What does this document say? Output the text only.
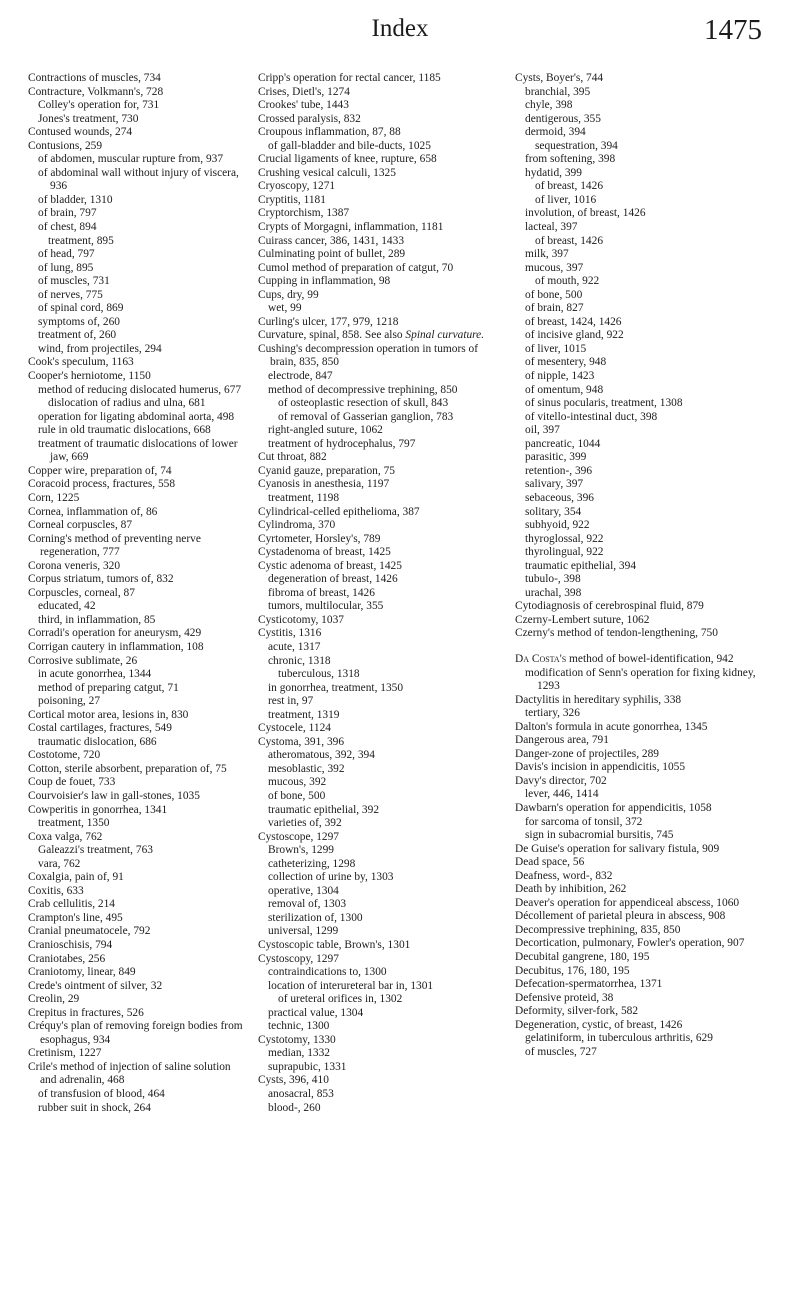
Index	1475
Contractions of muscles, 734
Contracture, Volkmann's, 728
Colley's operation for, 731
Jones's treatment, 730
Contused wounds, 274
Contusions, 259
of abdomen, muscular rupture from, 937
of abdominal wall without injury of viscera, 936
of bladder, 1310
of brain, 797
of chest, 894
treatment, 895
of head, 797
of lung, 895
of muscles, 731
of nerves, 775
of spinal cord, 869
symptoms of, 260
treatment of, 260
wind, from projectiles, 294
Cook's speculum, 1163
Cooper's herniotome, 1150
method of reducing dislocated humerus, 677
dislocation of radius and ulna, 681
operation for ligating abdominal aorta, 498
rule in old traumatic dislocations, 668
treatment of traumatic dislocations of lower jaw, 669
Copper wire, preparation of, 74
Coracoid process, fractures, 558
Corn, 1225
Cornea, inflammation of, 86
Corneal corpuscles, 87
Corning's method of preventing nerve regeneration, 777
Corona veneris, 320
Corpus striatum, tumors of, 832
Corpuscles, corneal, 87
educated, 42
third, in inflammation, 85
Corradi's operation for aneurysm, 429
Corrigan cautery in inflammation, 108
Corrosive sublimate, 26
in acute gonorrhea, 1344
method of preparing catgut, 71
poisoning, 27
Cortical motor area, lesions in, 830
Costal cartilages, fractures, 549
traumatic dislocation, 686
Costotome, 720
Cotton, sterile absorbent, preparation of, 75
Coup de fouet, 733
Courvoisier's law in gall-stones, 1035
Cowperitis in gonorrhea, 1341
treatment, 1350
Coxa valga, 762
Galeazzi's treatment, 763
vara, 762
Coxalgia, pain of, 91
Coxitis, 633
Crab cellulitis, 214
Crampton's line, 495
Cranial pneumatocele, 792
Cranioschisis, 794
Craniotabes, 256
Craniotomy, linear, 849
Crede's ointment of silver, 32
Creolin, 29
Crepitus in fractures, 526
Créquy's plan of removing foreign bodies from esophagus, 934
Cretinism, 1227
Crile's method of injection of saline solution and adrenalin, 468
of transfusion of blood, 464
rubber suit in shock, 264
Cripp's operation for rectal cancer, 1185
Crises, Dietl's, 1274
Crookes' tube, 1443
Crossed paralysis, 832
Croupous inflammation, 87, 88
of gall-bladder and bile-ducts, 1025
Crucial ligaments of knee, rupture, 658
Crushing vesical calculi, 1325
Cryoscopy, 1271
Cryptitis, 1181
Cryptorchism, 1387
Crypts of Morgagni, inflammation, 1181
Cuirass cancer, 386, 1431, 1433
Culminating point of bullet, 289
Cumol method of preparation of catgut, 70
Cupping in inflammation, 98
Cups, dry, 99
wet, 99
Curling's ulcer, 177, 979, 1218
Curvature, spinal, 858. See also Spinal curvature.
Cushing's decompression operation in tumors of brain, 835, 850
electrode, 847
method of decompressive trephining, 850
of osteoplastic resection of skull, 843
of removal of Gasserian ganglion, 783
right-angled suture, 1062
treatment of hydrocephalus, 797
Cut throat, 882
Cyanid gauze, preparation, 75
Cyanosis in anesthesia, 1197
treatment, 1198
Cylindrical-celled epithelioma, 387
Cylindroma, 370
Cyrtometer, Horsley's, 789
Cystadenoma of breast, 1425
Cystic adenoma of breast, 1425
degeneration of breast, 1426
fibroma of breast, 1426
tumors, multilocular, 355
Cysticotomy, 1037
Cystitis, 1316
acute, 1317
chronic, 1318
tuberculous, 1318
in gonorrhea, treatment, 1350
rest in, 97
treatment, 1319
Cystocele, 1124
Cystoma, 391, 396
atheromatous, 392, 394
mesoblastic, 392
mucous, 392
of bone, 500
traumatic epithelial, 392
varieties of, 392
Cystoscope, 1297
Brown's, 1299
catheterizing, 1298
collection of urine by, 1303
operative, 1304
removal of, 1303
sterilization of, 1300
universal, 1299
Cystoscopic table, Brown's, 1301
Cystoscopy, 1297
contraindications to, 1300
location of interureteral bar in, 1301
of ureteral orifices in, 1302
practical value, 1304
technic, 1300
Cystotomy, 1330
median, 1332
suprapubic, 1331
Cysts, 396, 410
anosacral, 853
blood-, 260
Cysts, Boyer's, 744
branchial, 395
chyle, 398
dentigerous, 355
dermoid, 394
sequestration, 394
from softening, 398
hydatid, 399
of breast, 1426
of liver, 1016
involution, of breast, 1426
lacteal, 397
of breast, 1426
milk, 397
mucous, 397
of mouth, 922
of bone, 500
of brain, 827
of breast, 1424, 1426
of incisive gland, 922
of liver, 1015
of mesentery, 948
of nipple, 1423
of omentum, 948
of sinus pocularis, treatment, 1308
of vitello-intestinal duct, 398
oil, 397
pancreatic, 1044
parasitic, 399
retention-, 396
salivary, 397
sebaceous, 396
solitary, 354
subhyoid, 922
thyroglossal, 922
thyrolingual, 922
traumatic epithelial, 394
tubulo-, 398
urachal, 398
Cytodiagnosis of cerebrospinal fluid, 879
Czerny-Lembert suture, 1062
Czerny's method of tendon-lengthening, 750
Da Costa's method of bowel-identification, 942
modification of Senn's operation for fixing kidney, 1293
Dactylitis in hereditary syphilis, 338
tertiary, 326
Dalton's formula in acute gonorrhea, 1345
Dangerous area, 791
Danger-zone of projectiles, 289
Davis's incision in appendicitis, 1055
Davy's director, 702
lever, 446, 1414
Dawbarn's operation for appendicitis, 1058
for sarcoma of tonsil, 372
sign in subacromial bursitis, 745
De Guise's operation for salivary fistula, 909
Dead space, 56
Deafness, word-, 832
Death by inhibition, 262
Deaver's operation for appendiceal abscess, 1060
Décollement of parietal pleura in abscess, 908
Decompressive trephining, 835, 850
Decortication, pulmonary, Fowler's operation, 907
Decubital gangrene, 180, 195
Decubitus, 176, 180, 195
Defecation-spermatorrhea, 1371
Defensive proteid, 38
Deformity, silver-fork, 582
Degeneration, cystic, of breast, 1426
gelatiniform, in tuberculous arthritis, 629
of muscles, 727
